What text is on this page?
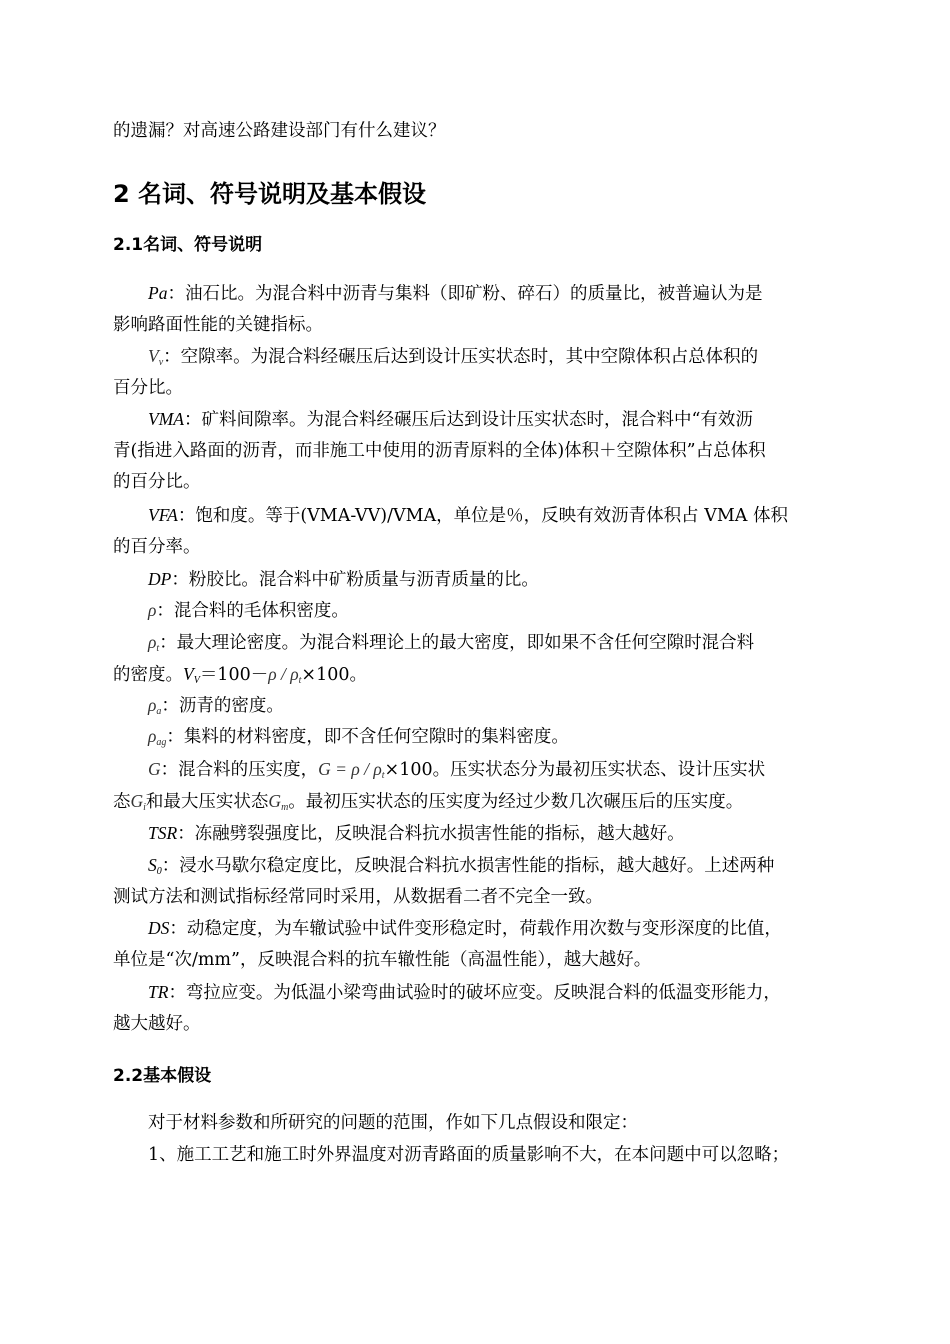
的遗漏？对高速公路建设部门有什么建议？
2 名词、符号说明及基本假设
2.1名词、符号说明
Pa：油石比。为混合料中沥青与集料（即矿粉、碎石）的质量比，被普遍认为是
影响路面性能的关键指标。
$V_v$：空隙率。为混合料经碾压后达到设计压实状态时，其中空隙体积占总体积的
百分比。
VMA：矿料间隙率。为混合料经碾压后达到设计压实状态时，混合料中“有效沥
青(指进入路面的沥青，而非施工中使用的沥青原料的全体)体积＋空隙体积”占总体积
的百分比。
VFA：饱和度。等于(VMA-VV)/VMA，单位是％，反映有效沥青体积占 VMA 体积
的百分率。
DP：粉胶比。混合料中矿粉质量与沥青质量的比。
ρ：混合料的毛体积密度。
$\rho_t$：最大理论密度。为混合料理论上的最大密度，即如果不含任何空隙时混合料
的密度。$V_V=100-\rho / \rho_t\times 100$。
$\rho_a$：沥青的密度。
$\rho_{ag}$：集料的材料密度，即不含任何空隙时的集料密度。
G：混合料的压实度，$G = \rho / \rho_t\times 100$。压实状态分为最初压实状态、设计压实状
态$G_i$和最大压实状态$G_m$。最初压实状态的压实度为经过少数几次碾压后的压实度。
TSR：冻融劈裂强度比，反映混合料抗水损害性能的指标，越大越好。
$S_0$：浸水马歇尔稳定度比，反映混合料抗水损害性能的指标，越大越好。上述两种
测试方法和测试指标经常同时采用，从数据看二者不完全一致。
DS：动稳定度，为车辙试验中试件变形稳定时，荷载作用次数与变形深度的比值，
单位是“次/mm”，反映混合料的抗车辙性能（高温性能），越大越好。
TR：弯拉应变。为低温小梁弯曲试验时的破坏应变。反映混合料的低温变形能力，
越大越好。
2.2基本假设
对于材料参数和所研究的问题的范围，作如下几点假设和限定：
1、施工工艺和施工时外界温度对沥青路面的质量影响不大，在本问题中可以忽略；
